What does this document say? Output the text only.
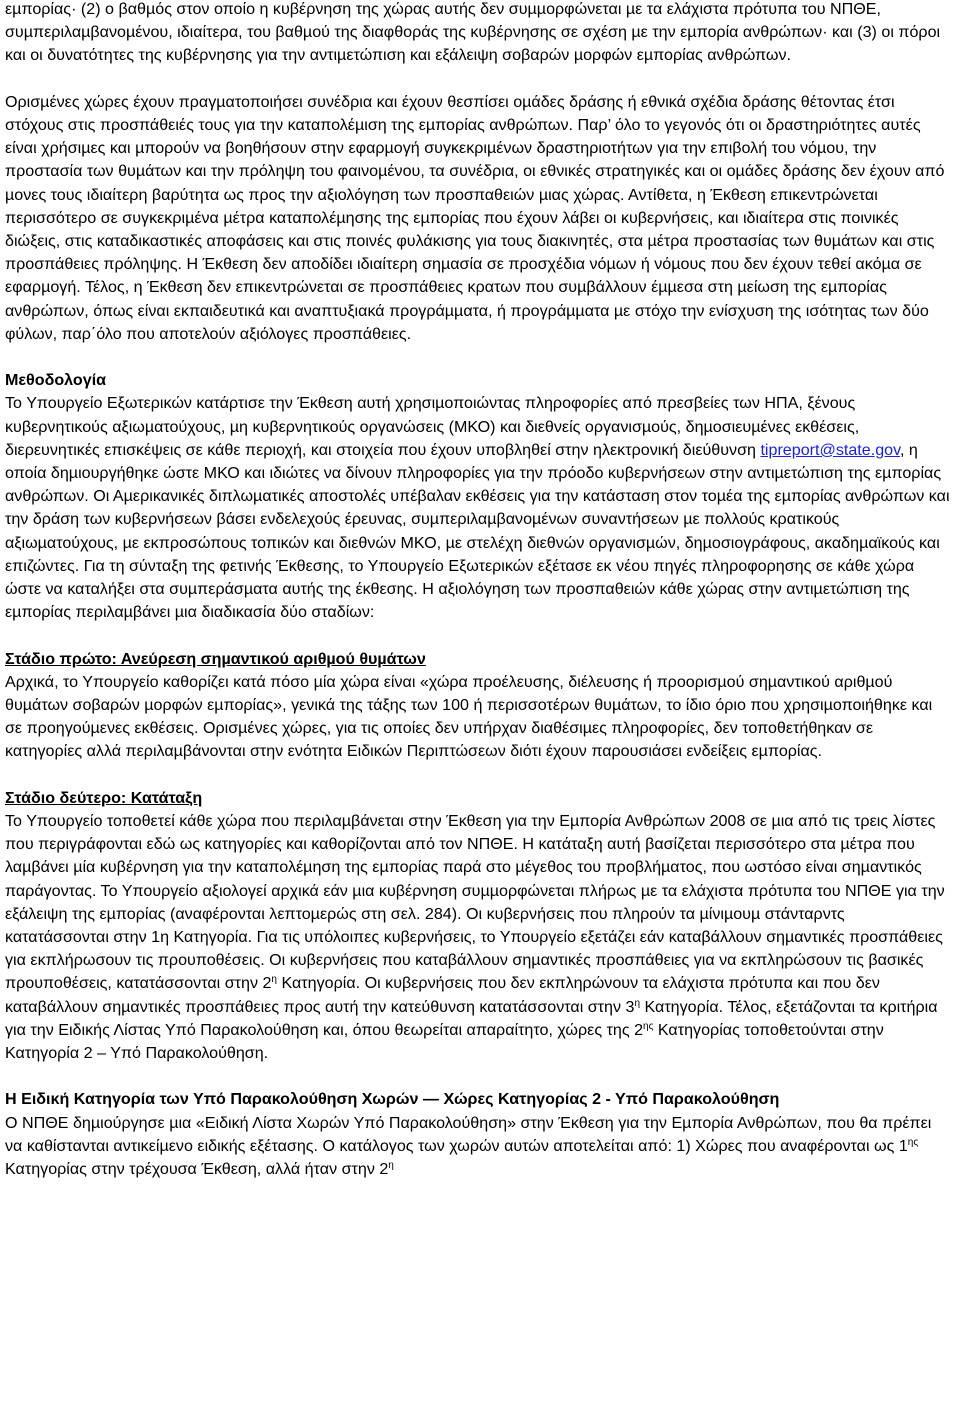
εµπορίας· (2) ο βαθµός στον οποίο η κυβέρνηση της χώρας αυτής δεν συµµορφώνεται µε τα ελάχιστα πρότυπα του ΝΠΘΕ, συµπεριλαµβανοµένου, ιδιαίτερα, του βαθµού της διαφθοράς της κυβέρνησης σε σχέση µε την εµπορία ανθρώπων· και (3) οι πόροι και οι δυνατότητες της κυβέρνησης για την αντιµετώπιση και εξάλειψη σοβαρών µορφών εµπορίας ανθρώπων.

Ορισµένες χώρες έχουν πραγµατοποιήσει συνέδρια και έχουν θεσπίσει οµάδες δράσης ή εθνικά σχέδια δράσης θέτοντας έτσι στόχους στις προσπάθειές τους για την καταπολέµιση της εµπορίας ανθρώπων. Παρ’ όλο το γεγονός ότι οι δραστηριότητες αυτές είναι χρήσιµες και µπορούν να βοηθήσουν στην εφαρµογή συγκεκριµένων δραστηριοτήτων για την επιβολή του νόµου, την προστασία των θυµάτων και την πρόληψη του φαινοµένου, τα συνέδρια, οι εθνικές στρατηγικές και οι οµάδες δράσης δεν έχουν από µονες τους ιδιαίτερη βαρύτητα ως προς την αξιολόγηση των προσπαθειών µιας χώρας. Αντίθετα, η Έκθεση επικεντρώνεται περισσότερο σε συγκεκριµένα µέτρα καταπολέµησης της εµπορίας που έχουν λάβει οι κυβερνήσεις, και ιδιαίτερα στις ποινικές διώξεις, στις καταδικαστικές αποφάσεις και στις ποινές φυλάκισης για τους διακινητές, στα µέτρα προστασίας των θυµάτων και στις προσπάθειες πρόληψης. Η Έκθεση δεν αποδίδει ιδιαίτερη σηµασία σε προσχέδια νόµων ή νόµους που δεν έχουν τεθεί ακόµα σε εφαρµογή. Τέλος, η Έκθεση δεν επικεντρώνεται σε προσπάθειες κρατων που συµβάλλουν έµµεσα στη µείωση της εµπορίας ανθρώπων, όπως είναι εκπαιδευτικά και αναπτυξιακά προγράµµατα, ή προγράµµατα µε στόχο την ενίσχυση της ισότητας των δύο φύλων, παρ΄όλο που αποτελούν αξιόλογες προσπάθειες.

Μεθοδολογία

Το Υπουργείο Εξωτερικών κατάρτισε την Έκθεση αυτή χρησιµοποιώντας πληροφορίες από πρεσβείες των ΗΠΑ, ξένους κυβερνητικούς αξιωµατούχους, µη κυβερνητικούς οργανώσεις (ΜΚΟ) και διεθνείς οργανισµούς, δηµοσιευµένες εκθέσεις, διερευνητικές επισκέψεις σε κάθε περιοχή, και στοιχεία που έχουν υποβληθεί στην ηλεκτρονική διεύθυνση tipreport@state.gov, η οποία δηµιουργήθηκε ώστε ΜΚΟ και ιδιώτες να δίνουν πληροφορίες για την πρόοδο κυβερνήσεων στην αντιµετώπιση της εµπορίας ανθρώπων. Οι Αµερικανικές διπλωµατικές αποστολές υπέβαλαν εκθέσεις για την κατάσταση στον τοµέα της εµπορίας ανθρώπων και την δράση των κυβερνήσεων βάσει ενδελεχούς έρευνας, συµπεριλαµβανοµένων συναντήσεων µε πολλούς κρατικούς αξιωµατούχους, µε εκπροσώπους τοπικών και διεθνών ΜΚΟ, µε στελέχη διεθνών οργανισµών, δηµοσιογράφους, ακαδηµαϊκούς και επιζώντες. Για τη σύνταξη της φετινής Έκθεσης, το Υπουργείο Εξωτερικών εξέτασε εκ νέου πηγές πληροφορησης σε κάθε χώρα ώστε να καταλήξει στα συµπεράσµατα αυτής της έκθεσης. Η αξιολόγηση των προσπαθειών κάθε χώρας στην αντιµετώπιση της εµπορίας περιλαµβάνει µια διαδικασία δύο σταδίων:

Στάδιο πρώτο: Ανεύρεση σηµαντικού αριθµού θυµάτων

Αρχικά, το Υπουργείο καθορίζει κατά πόσο µία χώρα είναι «χώρα προέλευσης, διέλευσης ή προορισµού σηµαντικού αριθµού θυµάτων σοβαρών µορφών εµπορίας», γενικά της τάξης των 100 ή περισσοτέρων θυµάτων, το ίδιο όριο που χρησιµοποιήθηκε και σε προηγούµενες εκθέσεις. Ορισµένες χώρες, για τις οποίες δεν υπήρχαν διαθέσιµες πληροφορίες, δεν τοποθετήθηκαν σε κατηγορίες αλλά περιλαµβάνονται στην ενότητα Ειδικών Περιπτώσεων διότι έχουν παρουσιάσει ενδείξεις εµπορίας.

Στάδιο δεύτερο: Κατάταξη

Το Υπουργείο τοποθετεί κάθε χώρα που περιλαµβάνεται στην Έκθεση για την Εµπορία Ανθρώπων 2008 σε µια από τις τρεις λίστες που περιγράφονται εδώ ως κατηγορίες και καθορίζονται από τον ΝΠΘΕ. Η κατάταξη αυτή βασίζεται περισσότερο στα µέτρα που λαµβάνει µία κυβέρνηση για την καταπολέµηση της εµπορίας παρά στο µέγεθος του προβλήµατος, που ωστόσο είναι σηµαντικός παράγοντας. Το Υπουργείο αξιολογεί αρχικά εάν µια κυβέρνηση συµµορφώνεται πλήρως µε τα ελάχιστα πρότυπα του ΝΠΘΕ για την εξάλειψη της εµπορίας (αναφέρονται λεπτοµερώς στη σελ. 284). Οι κυβερνήσεις που πληρούν τα µίνιµουµ στάνταρντς κατατάσσονται στην 1η Κατηγορία. Για τις υπόλοιπες κυβερνήσεις, το Υπουργείο εξετάζει εάν καταβάλλουν σηµαντικές προσπάθειες για εκπλήρωσουν τις προυποθέσεις. Οι κυβερνήσεις που καταβάλλουν σηµαντικές προσπάθειες για να εκπληρώσουν τις βασικές προυποθέσεις, κατατάσσονται στην $2^\eta$ Κατηγορία. Οι κυβερνήσεις που δεν εκπληρώνουν τα ελάχιστα πρότυπα και που δεν καταβάλλουν σηµαντικές προσπάθειες προς αυτή την κατεύθυνση κατατάσσονται στην $3^\eta$ Κατηγορία. Τέλος, εξετάζονται τα κριτήρια για την Ειδικής Λίστας Υπό Παρακολούθηση και, όπου θεωρείται απαραίτητο, χώρες της $2^{\eta\varsigma}$ Κατηγορίας τοποθετούνται στην Κατηγορία 2 – Υπό Παρακολούθηση.

Η Ειδική Κατηγορία των Υπό Παρακολούθηση Χωρών — Χώρες Κατηγορίας 2 - Υπό Παρακολούθηση

Ο ΝΠΘΕ δηµιούργησε µια «Ειδική Λίστα Χωρών Υπό Παρακολούθηση» στην Έκθεση για την Εµπορία Ανθρώπων, που θα πρέπει να καθίστανται αντικείµενο ειδικής εξέτασης. Ο κατάλογος των χωρών αυτών αποτελείται από: 1) Χώρες που αναφέρονται ως $1^{\eta\varsigma}$ Κατηγορίας στην τρέχουσα Έκθεση, αλλά ήταν στην $2^\eta$
